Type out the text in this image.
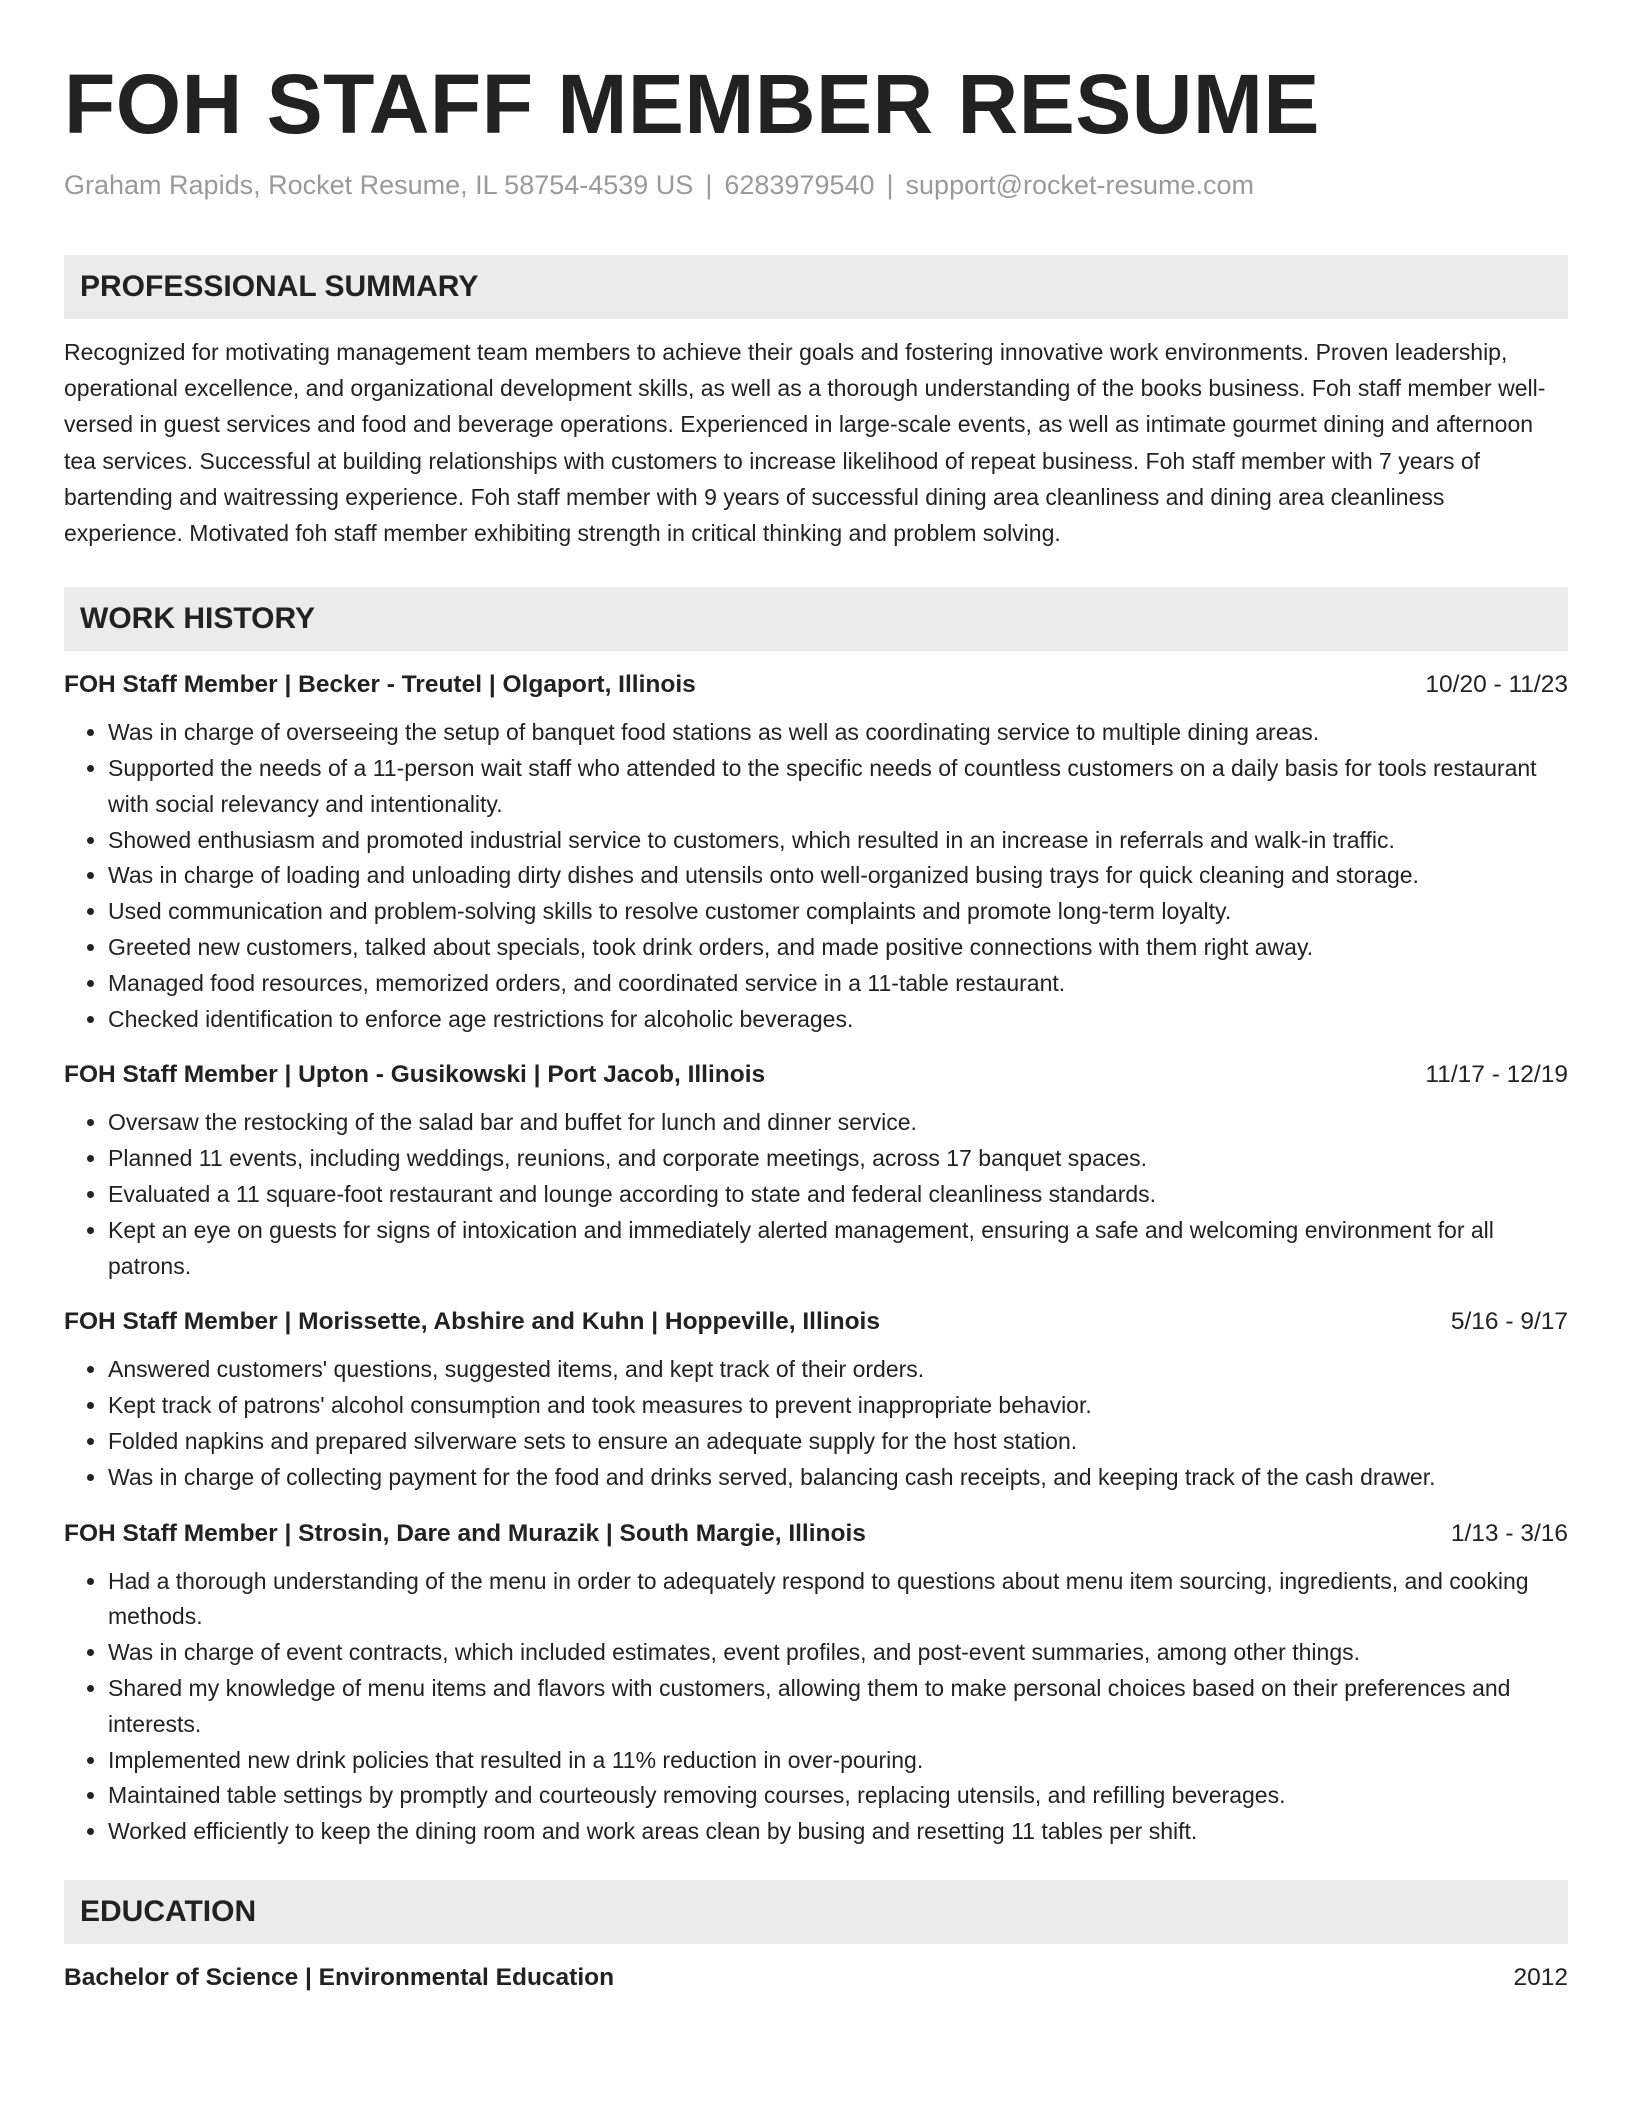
FOH STAFF MEMBER RESUME
Graham Rapids, Rocket Resume, IL 58754-4539 US | 6283979540 | support@rocket-resume.com
PROFESSIONAL SUMMARY
Recognized for motivating management team members to achieve their goals and fostering innovative work environments. Proven leadership, operational excellence, and organizational development skills, as well as a thorough understanding of the books business. Foh staff member well-versed in guest services and food and beverage operations. Experienced in large-scale events, as well as intimate gourmet dining and afternoon tea services. Successful at building relationships with customers to increase likelihood of repeat business. Foh staff member with 7 years of bartending and waitressing experience. Foh staff member with 9 years of successful dining area cleanliness and dining area cleanliness experience. Motivated foh staff member exhibiting strength in critical thinking and problem solving.
WORK HISTORY
FOH Staff Member | Becker - Treutel | Olgaport, Illinois	10/20 - 11/23
• Was in charge of overseeing the setup of banquet food stations as well as coordinating service to multiple dining areas.
• Supported the needs of a 11-person wait staff who attended to the specific needs of countless customers on a daily basis for tools restaurant with social relevancy and intentionality.
• Showed enthusiasm and promoted industrial service to customers, which resulted in an increase in referrals and walk-in traffic.
• Was in charge of loading and unloading dirty dishes and utensils onto well-organized busing trays for quick cleaning and storage.
• Used communication and problem-solving skills to resolve customer complaints and promote long-term loyalty.
• Greeted new customers, talked about specials, took drink orders, and made positive connections with them right away.
• Managed food resources, memorized orders, and coordinated service in a 11-table restaurant.
• Checked identification to enforce age restrictions for alcoholic beverages.
FOH Staff Member | Upton - Gusikowski | Port Jacob, Illinois	11/17 - 12/19
• Oversaw the restocking of the salad bar and buffet for lunch and dinner service.
• Planned 11 events, including weddings, reunions, and corporate meetings, across 17 banquet spaces.
• Evaluated a 11 square-foot restaurant and lounge according to state and federal cleanliness standards.
• Kept an eye on guests for signs of intoxication and immediately alerted management, ensuring a safe and welcoming environment for all patrons.
FOH Staff Member | Morissette, Abshire and Kuhn | Hoppeville, Illinois	5/16 - 9/17
• Answered customers' questions, suggested items, and kept track of their orders.
• Kept track of patrons' alcohol consumption and took measures to prevent inappropriate behavior.
• Folded napkins and prepared silverware sets to ensure an adequate supply for the host station.
• Was in charge of collecting payment for the food and drinks served, balancing cash receipts, and keeping track of the cash drawer.
FOH Staff Member | Strosin, Dare and Murazik | South Margie, Illinois	1/13 - 3/16
• Had a thorough understanding of the menu in order to adequately respond to questions about menu item sourcing, ingredients, and cooking methods.
• Was in charge of event contracts, which included estimates, event profiles, and post-event summaries, among other things.
• Shared my knowledge of menu items and flavors with customers, allowing them to make personal choices based on their preferences and interests.
• Implemented new drink policies that resulted in a 11% reduction in over-pouring.
• Maintained table settings by promptly and courteously removing courses, replacing utensils, and refilling beverages.
• Worked efficiently to keep the dining room and work areas clean by busing and resetting 11 tables per shift.
EDUCATION
Bachelor of Science | Environmental Education	2012
